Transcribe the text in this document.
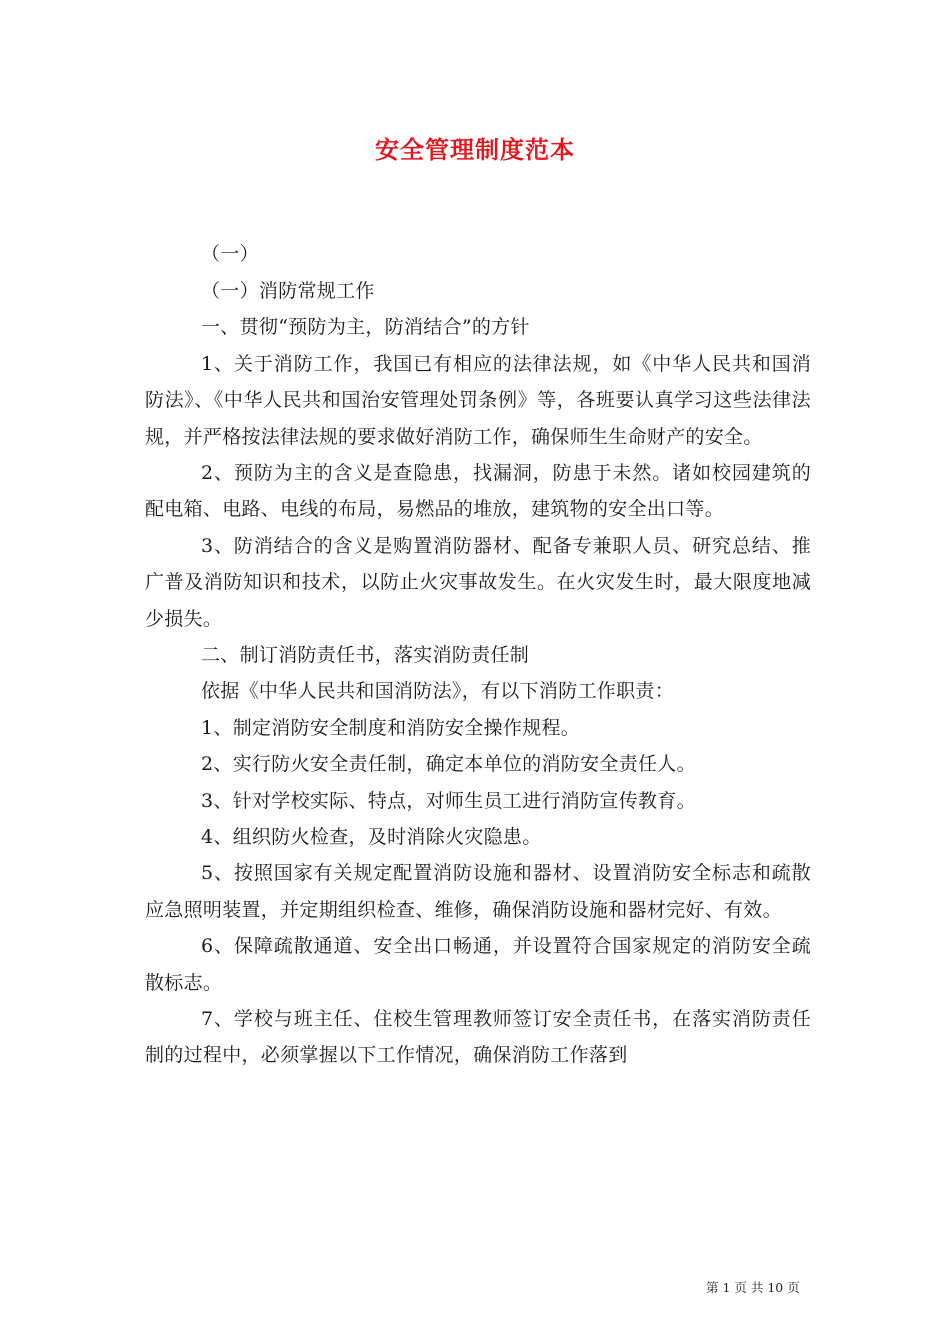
安全管理制度范本

（一）

（一）消防常规工作

一、贯彻“预防为主，防消结合”的方针

1、关于消防工作，我国已有相应的法律法规，如《中华人民共和国消防法》、《中华人民共和国治安管理处罚条例》等，各班要认真学习这些法律法规，并严格按法律法规的要求做好消防工作，确保师生生命财产的安全。

2、预防为主的含义是查隐患，找漏洞，防患于未然。诸如校园建筑的配电箱、电路、电线的布局，易燃品的堆放，建筑物的安全出口等。

3、防消结合的含义是购置消防器材、配备专兼职人员、研究总结、推广普及消防知识和技术，以防止火灾事故发生。在火灾发生时，最大限度地减少损失。

二、制订消防责任书，落实消防责任制

依据《中华人民共和国消防法》，有以下消防工作职责：

1、制定消防安全制度和消防安全操作规程。

2、实行防火安全责任制，确定本单位的消防安全责任人。

3、针对学校实际、特点，对师生员工进行消防宣传教育。

4、组织防火检查，及时消除火灾隐患。

5、按照国家有关规定配置消防设施和器材、设置消防安全标志和疏散应急照明装置，并定期组织检查、维修，确保消防设施和器材完好、有效。

6、保障疏散通道、安全出口畅通，并设置符合国家规定的消防安全疏散标志。

7、学校与班主任、住校生管理教师签订安全责任书，在落实消防责任制的过程中，必须掌握以下工作情况，确保消防工作落到

第 1 页 共 10 页
